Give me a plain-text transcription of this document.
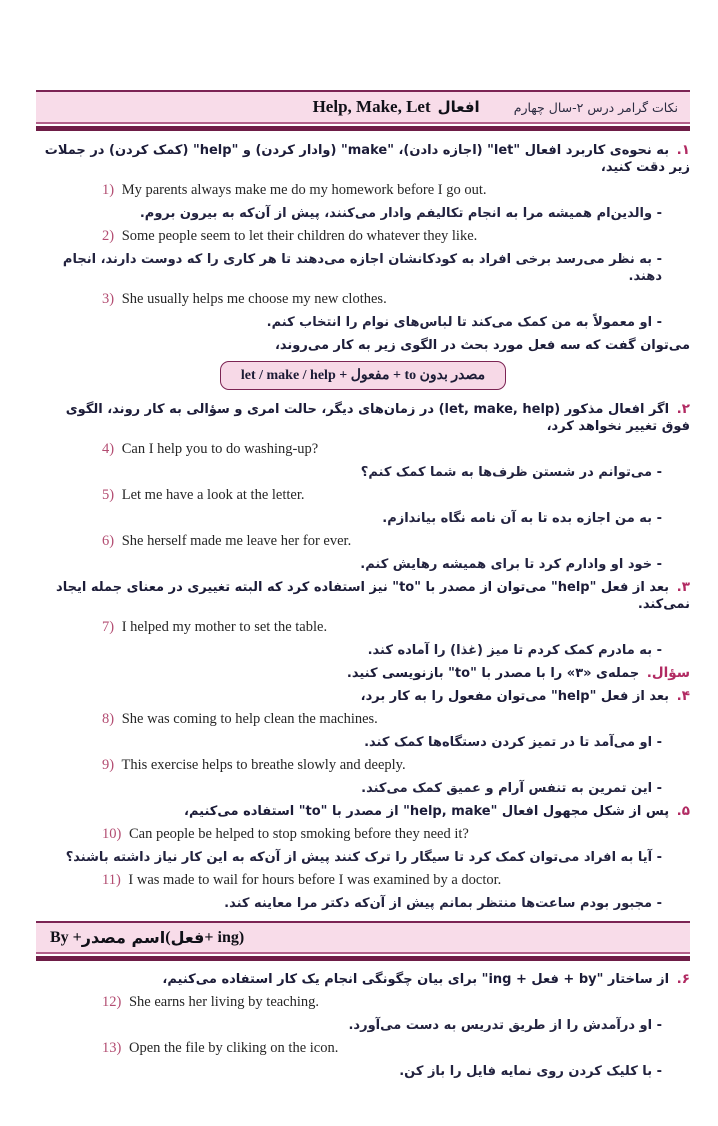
Help, Make, Let افعال	نکات گرامر درس ۲-سال چهارم

۱. به نحوه‌ی کاربرد افعال "let" (اجازه دادن)، "make" (وادار کردن) و "help" (کمک کردن) در جملات زیر دقت کنید،

1) My parents always make me do my homework before I go out.

- والدین‌ام همیشه مرا به انجام تکالیفم وادار می‌کنند، پیش از آن‌که به بیرون بروم.

2) Some people seem to let their children do whatever they like.

- به نظر می‌رسد برخی افراد به کودکانشان اجازه می‌دهند تا هر کاری را که دوست دارند، انجام دهند.

3) She usually helps me choose my new clothes.

- او معمولاً به من کمک می‌کند تا لباس‌های نوام را انتخاب کنم.

می‌توان گفت که سه فعل مورد بحث در الگوی زیر به کار می‌روند،

مصدر بدون to + مفعول + let / make / help

۲. اگر افعال مذکور (let, make, help) در زمان‌های دیگر، حالت امری و سؤالی به کار روند، الگوی فوق تغییر نخواهد کرد،

4) Can I help you to do washing-up?

- می‌توانم در شستن ظرف‌ها به شما کمک کنم؟

5) Let me have a look at the letter.

- به من اجازه بده تا به آن نامه نگاه بیاندازم.

6) She herself made me leave her for ever.

- خود او وادارم کرد تا برای همیشه رهایش کنم.

۳. بعد از فعل "help" می‌توان از مصدر با "to" نیز استفاده کرد که البته تغییری در معنای جمله ایجاد نمی‌کند.

7) I helped my mother to set the table.

- به مادرم کمک کردم تا میز (غذا) را آماده کند.

سؤال. جمله‌ی «۳» را با مصدر با "to" بازنویسی کنید.

۴. بعد از فعل "help" می‌توان مفعول را به کار برد،

8) She was coming to help clean the machines.

- او می‌آمد تا در تمیز کردن دستگاه‌ها کمک کند.

9) This exercise helps to breathe slowly and deeply.

- این تمرین به تنفس آرام و عمیق کمک می‌کند.

۵. پس از شکل مجهول افعال "help, make" از مصدر با "to" استفاده می‌کنیم،

10) Can people be helped to stop smoking before they need it?

- آیا به افراد می‌توان کمک کرد تا سیگار را ترک کنند پیش از آن‌که به این کار نیاز داشته باشند؟

11) I was made to wail for hours before I was examined by a doctor.

- مجبور بودم ساعت‌ها منتظر بمانم پیش از آن‌که دکتر مرا معاینه کند.

By + اسم مصدر ( فعل + ing)

۶. از ساختار "by + فعل + ing" برای بیان چگونگی انجام یک کار استفاده می‌کنیم،

12) She earns her living by teaching.

- او درآمدش را از طریق تدریس به دست می‌آورد.

13) Open the file by cliking on the icon.

- با کلیک کردن روی نمایه فایل را باز کن.
